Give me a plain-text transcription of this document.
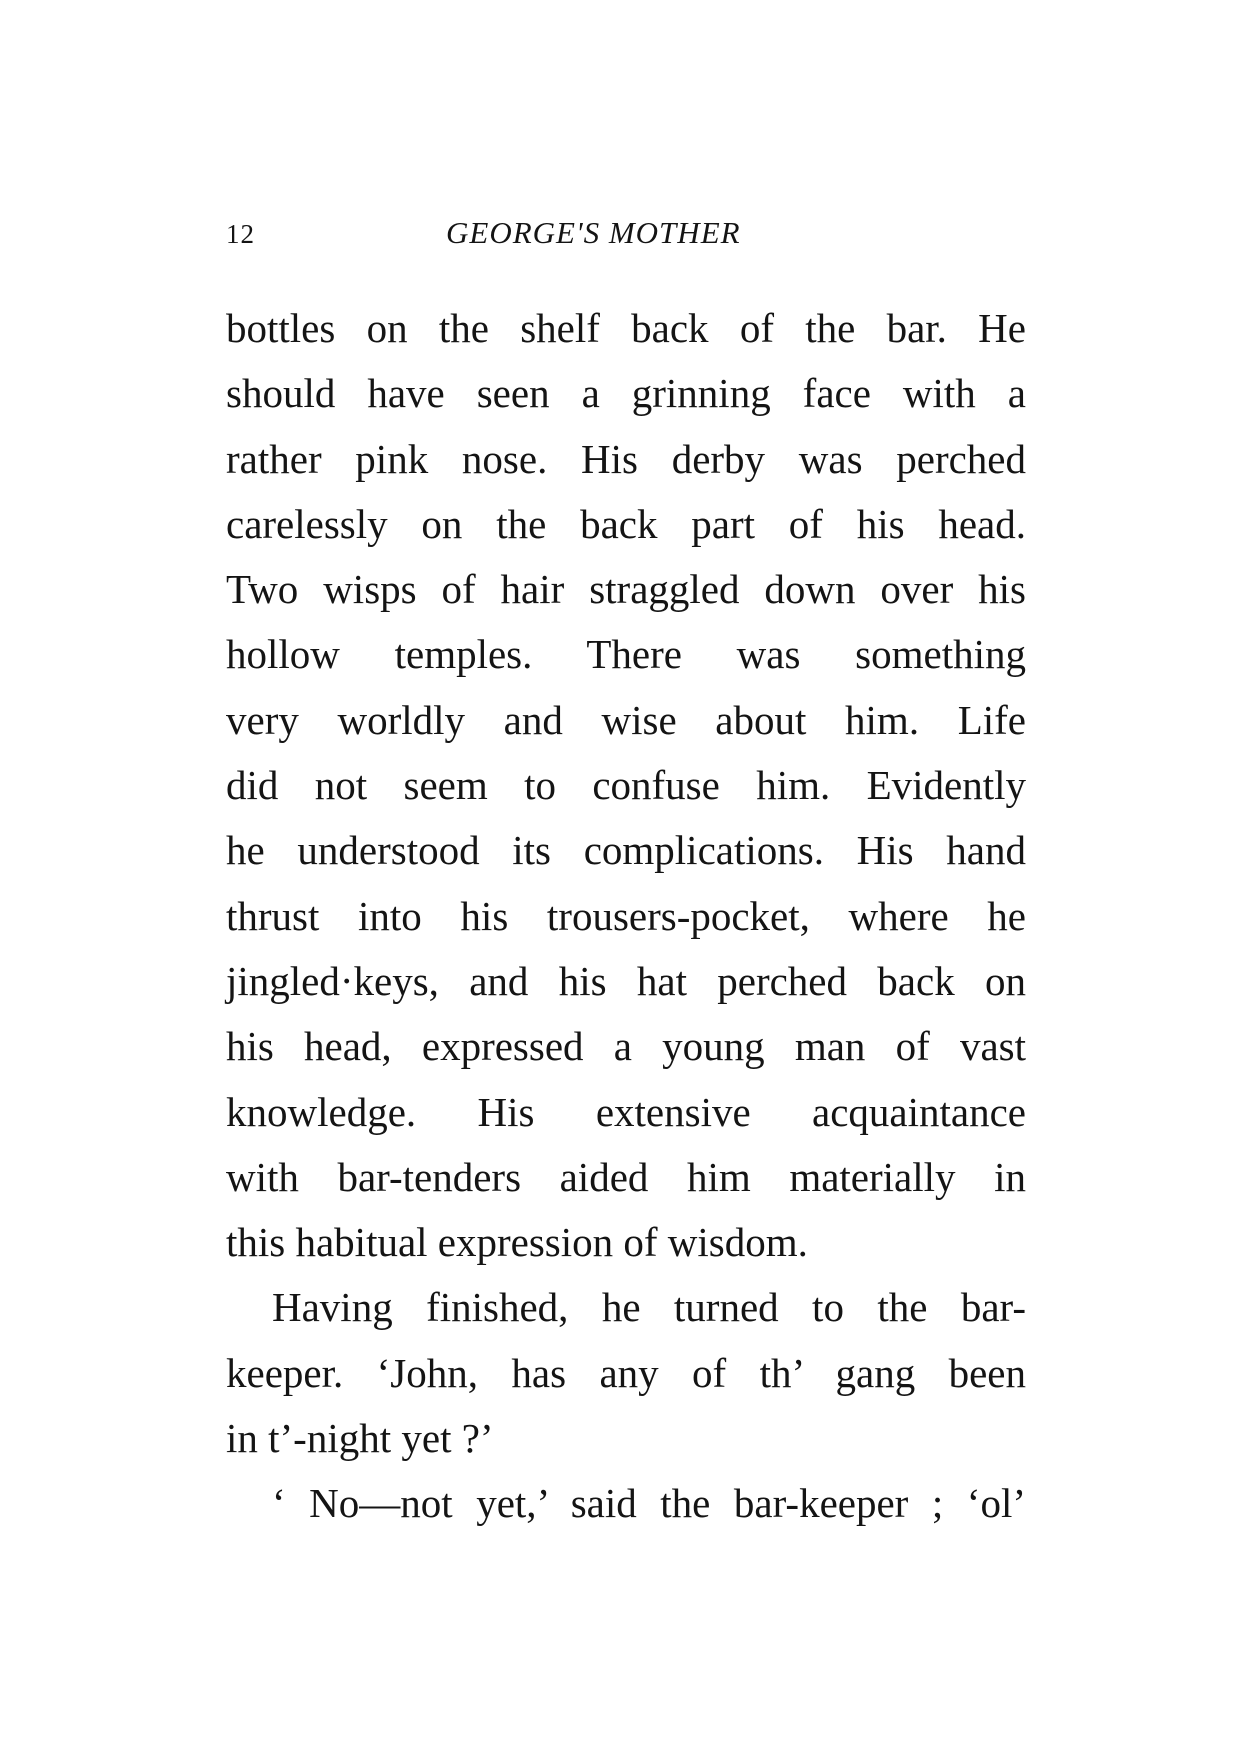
12	GEORGE'S MOTHER
bottles on the shelf back of the bar. He
should have seen a grinning face with a
rather pink nose. His derby was perched
carelessly on the back part of his head.
Two wisps of hair straggled down over his
hollow temples. There was something
very worldly and wise about him. Life
did not seem to confuse him. Evidently
he understood its complications. His hand
thrust into his trousers-pocket, where he
jingled·keys, and his hat perched back on
his head, expressed a young man of vast
knowledge. His extensive acquaintance
with bar-tenders aided him materially in
this habitual expression of wisdom.
Having finished, he turned to the bar-
keeper. ‘John, has any of th’ gang been
in t’-night yet ?’
‘ No—not yet,’ said the bar-keeper ; ‘ol’
